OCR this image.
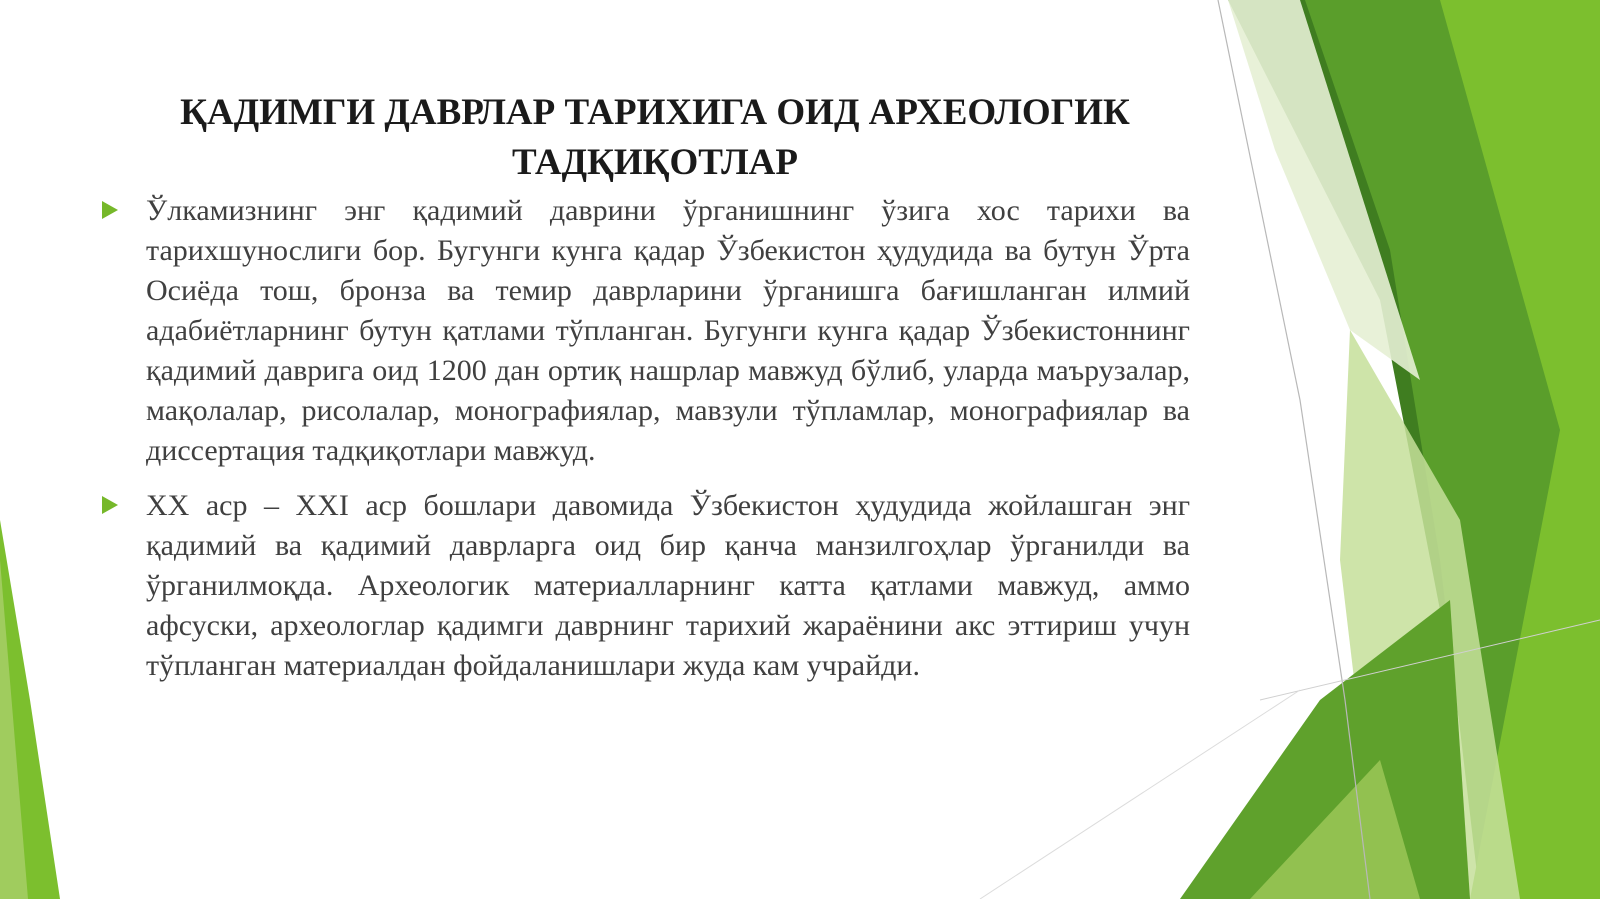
ҚАДИМГИ ДАВРЛАР ТАРИХИГА ОИД АРХЕОЛОГИК ТАДҚИҚОТЛАР
Ўлкамизнинг энг қадимий даврини ўрганишнинг ўзига хос тарихи ва тарихшунослиги бор. Бугунги кунга қадар Ўзбекистон ҳудудида ва бутун Ўрта Осиёда тош, бронза ва темир даврларини ўрганишга бағишланган илмий адабиётларнинг бутун қатлами тўпланган. Бугунги кунга қадар Ўзбекистоннинг қадимий даврига оид 1200 дан ортиқ нашрлар мавжуд бўлиб, уларда маърузалар, мақолалар, рисолалар, монографиялар, мавзули тўпламлар, монографиялар ва диссертация тадқиқотлари мавжуд.
XX аср – XXI аср бошлари давомида Ўзбекистон ҳудудида жойлашган энг қадимий ва қадимий даврларга оид бир қанча манзилгоҳлар ўрганилди ва ўрганилмоқда. Археологик материалларнинг катта қатлами мавжуд, аммо афсуски, археологлар қадимги даврнинг тарихий жараёнини акс эттириш учун тўпланган материалдан фойдаланишлари жуда кам учрайди.
